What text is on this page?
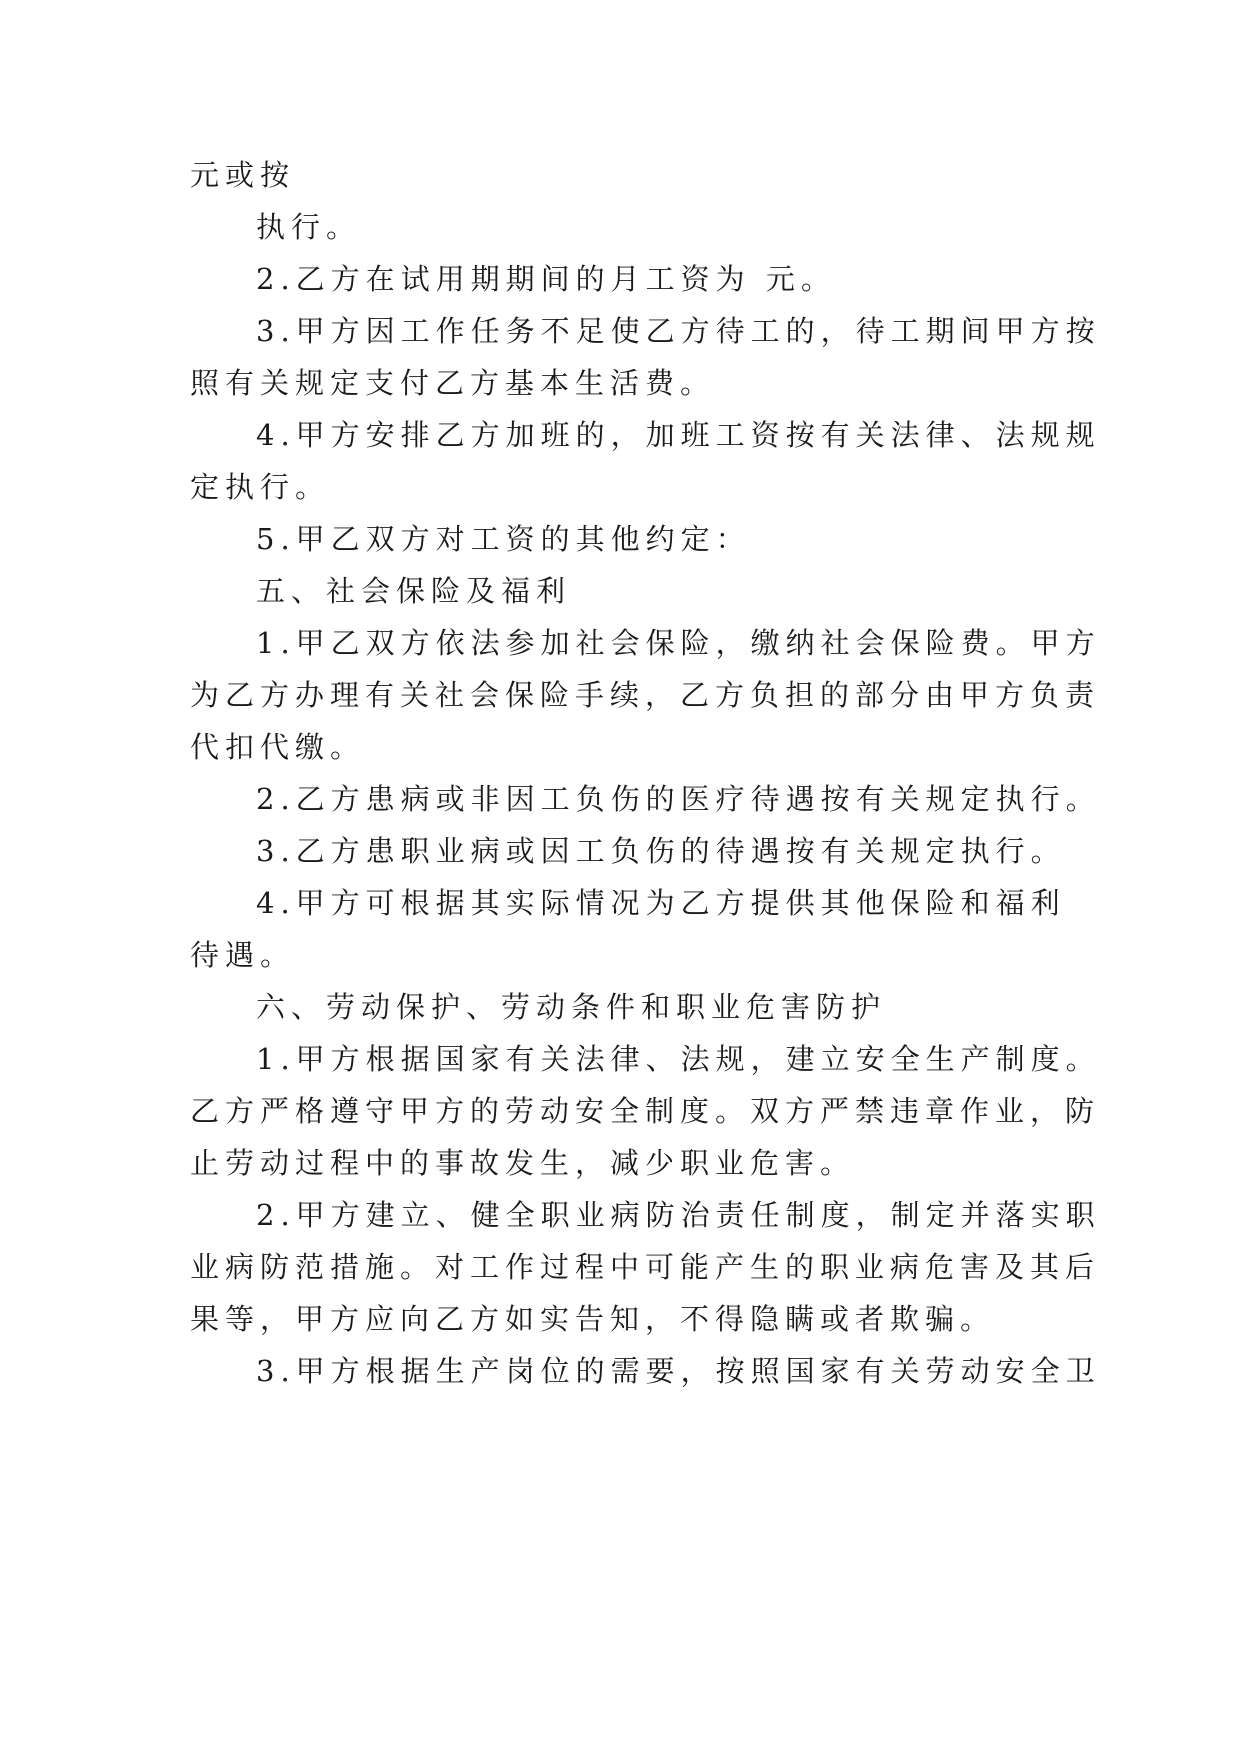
元或按
执行。
2.乙方在试用期期间的月工资为 元。
3.甲方因工作任务不足使乙方待工的，待工期间甲方按
照有关规定支付乙方基本生活费。
4.甲方安排乙方加班的，加班工资按有关法律、法规规
定执行。
5.甲乙双方对工资的其他约定：
五、社会保险及福利
1.甲乙双方依法参加社会保险，缴纳社会保险费。甲方
为乙方办理有关社会保险手续，乙方负担的部分由甲方负责
代扣代缴。
2.乙方患病或非因工负伤的医疗待遇按有关规定执行。
3.乙方患职业病或因工负伤的待遇按有关规定执行。
4.甲方可根据其实际情况为乙方提供其他保险和福利
待遇。
六、劳动保护、劳动条件和职业危害防护
1.甲方根据国家有关法律、法规，建立安全生产制度。
乙方严格遵守甲方的劳动安全制度。双方严禁违章作业，防
止劳动过程中的事故发生，减少职业危害。
2.甲方建立、健全职业病防治责任制度，制定并落实职
业病防范措施。对工作过程中可能产生的职业病危害及其后
果等，甲方应向乙方如实告知，不得隐瞒或者欺骗。
3.甲方根据生产岗位的需要，按照国家有关劳动安全卫
